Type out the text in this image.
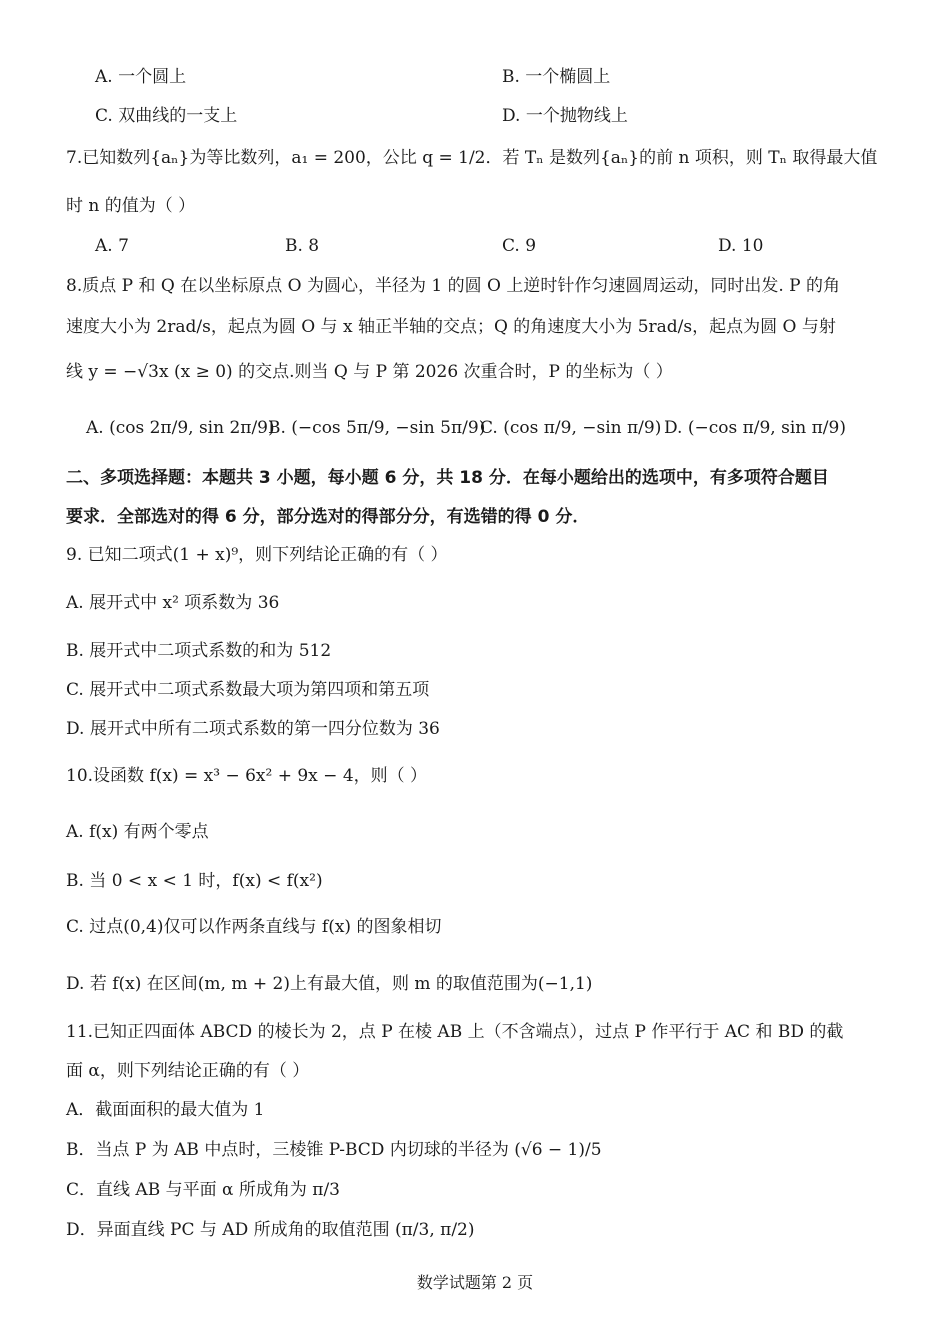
A. 一个圆上	B. 一个椭圆上
C. 双曲线的一支上	D. 一个抛物线上
7.已知数列{aₙ}为等比数列，a₁ = 200，公比 q = 1/2．若 Tₙ 是数列{aₙ}的前 n 项积，则 Tₙ 取得最大值
时 n 的值为（ ）
A. 7	B. 8	C. 9	D. 10
8.质点 P 和 Q 在以坐标原点 O 为圆心，半径为 1 的圆 O 上逆时针作匀速圆周运动，同时出发. P 的角
速度大小为 2rad/s，起点为圆 O 与 x 轴正半轴的交点；Q 的角速度大小为 5rad/s，起点为圆 O 与射
线 y = −√3x (x ≥ 0) 的交点.则当 Q 与 P 第 2026 次重合时，P 的坐标为（ ）
A. (cos 2π/9, sin 2π/9)
B. (−cos 5π/9, −sin 5π/9)
C. (cos π/9, −sin π/9) D. (−cos π/9, sin π/9)
二、多项选择题：本题共 3 小题，每小题 6 分，共 18 分．在每小题给出的选项中，有多项符合题目
要求．全部选对的得 6 分，部分选对的得部分分，有选错的得 0 分．
9. 已知二项式(1 + x)⁹，则下列结论正确的有（ ）
A. 展开式中 x² 项系数为 36
B. 展开式中二项式系数的和为 512
C. 展开式中二项式系数最大项为第四项和第五项
D. 展开式中所有二项式系数的第一四分位数为 36
10.设函数 f(x) = x³ − 6x² + 9x − 4，则（ ）
A. f(x) 有两个零点
B. 当 0 < x < 1 时，f(x) < f(x²)
C. 过点(0,4)仅可以作两条直线与 f(x) 的图象相切
D. 若 f(x) 在区间(m, m + 2)上有最大值，则 m 的取值范围为(−1,1)
11.已知正四面体 ABCD 的棱长为 2，点 P 在棱 AB 上（不含端点），过点 P 作平行于 AC 和 BD 的截
面 α，则下列结论正确的有（ ）
A．截面面积的最大值为 1
B．当点 P 为 AB 中点时，三棱锥 P-BCD 内切球的半径为 (√6 − 1)/5
C．直线 AB 与平面 α 所成角为 π/3
D．异面直线 PC 与 AD 所成角的取值范围 (π/3, π/2)
数学试题第 2 页
